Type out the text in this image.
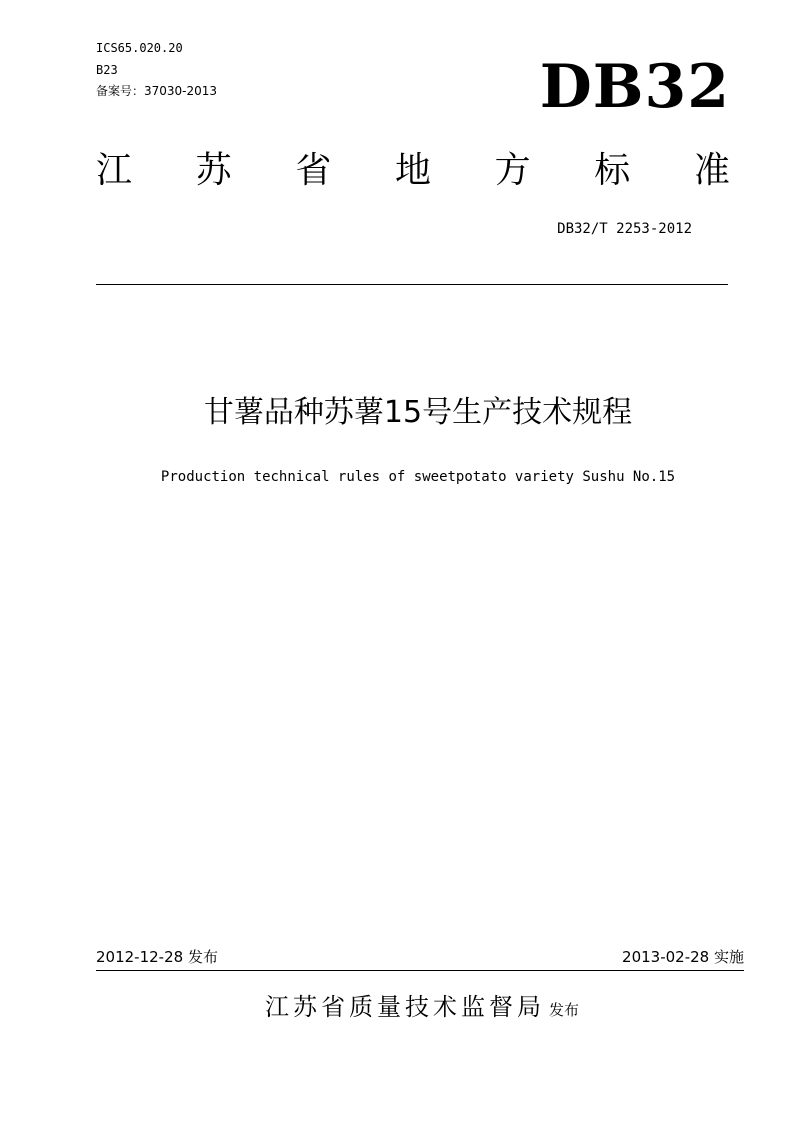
ICS65.020.20
B23
备案号：37030-2013	DB32
江 苏 省 地 方 标 准
DB32/T 2253-2012
甘薯品种苏薯15号生产技术规程
Production technical rules of sweetpotato variety Sushu No.15
2012-12-28 发布	2013-02-28 实施
江苏省质量技术监督局 发布
